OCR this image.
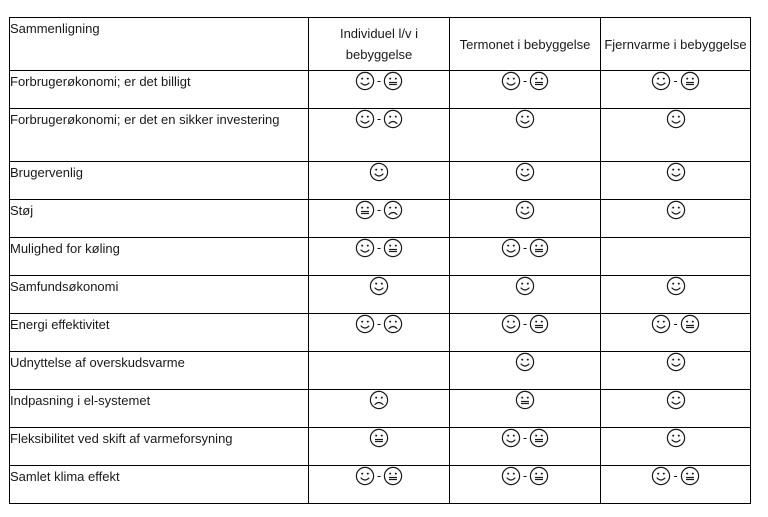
Sammenligning	Individuel l/v i bebyggelse	Termonet i bebyggelse	Fjernvarme i bebyggelse
Forbrugerøkonomi; er det billigt	-	-	-

Forbrugerøkonomi; er det en sikker investering	-

Brugervenlig	

Støj	-

Mulighed for køling	-	-

Samfundsøkonomi	

Energi effektivitet	-	-	-

Udnyttelse af overskudsvarme		

Indpasning i el-systemet	

Fleksibilitet ved skift af varmeforsyning		-

Samlet klima effekt	-	-	-
